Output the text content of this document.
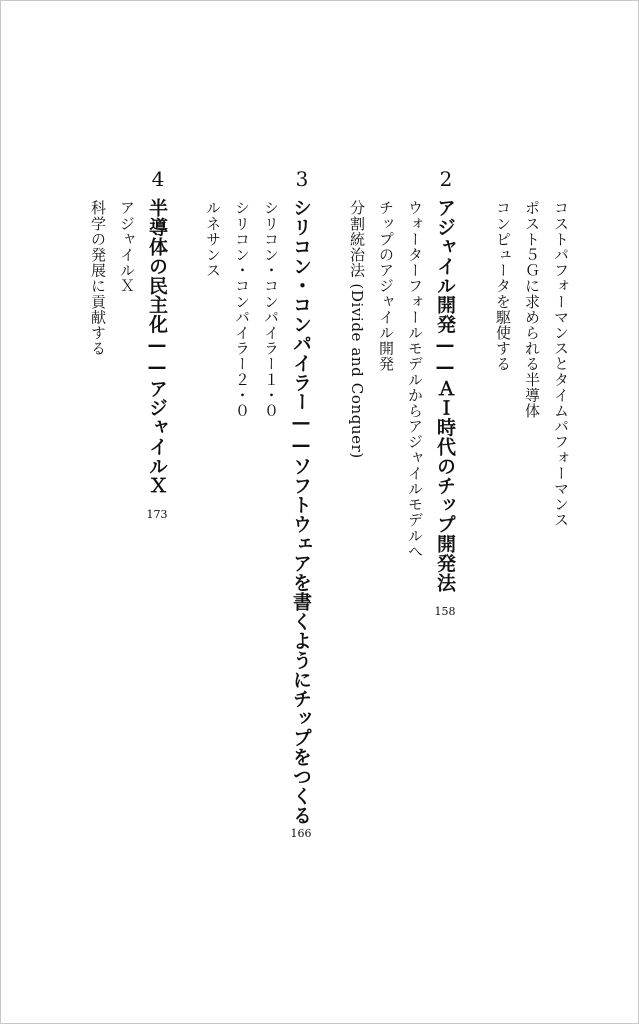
コストパフォーマンスとタイムパフォーマンス
ポスト５Ｇに求められる半導体
コンピュータを駆使する
2
アジャイル開発——ＡＩ時代のチップ開発法
158
ウォーターフォールモデルからアジャイルモデルへ
チップのアジャイル開発
分割統治法 (Divide and Conquer)
3
シリコン・コンパイラー——ソフトウェアを書くようにチップをつくる
166
シリコン・コンパイラー１・０
シリコン・コンパイラー２・０
ルネサンス
4
半導体の民主化——アジャイルＸ
173
アジャイルＸ
科学の発展に貢献する
